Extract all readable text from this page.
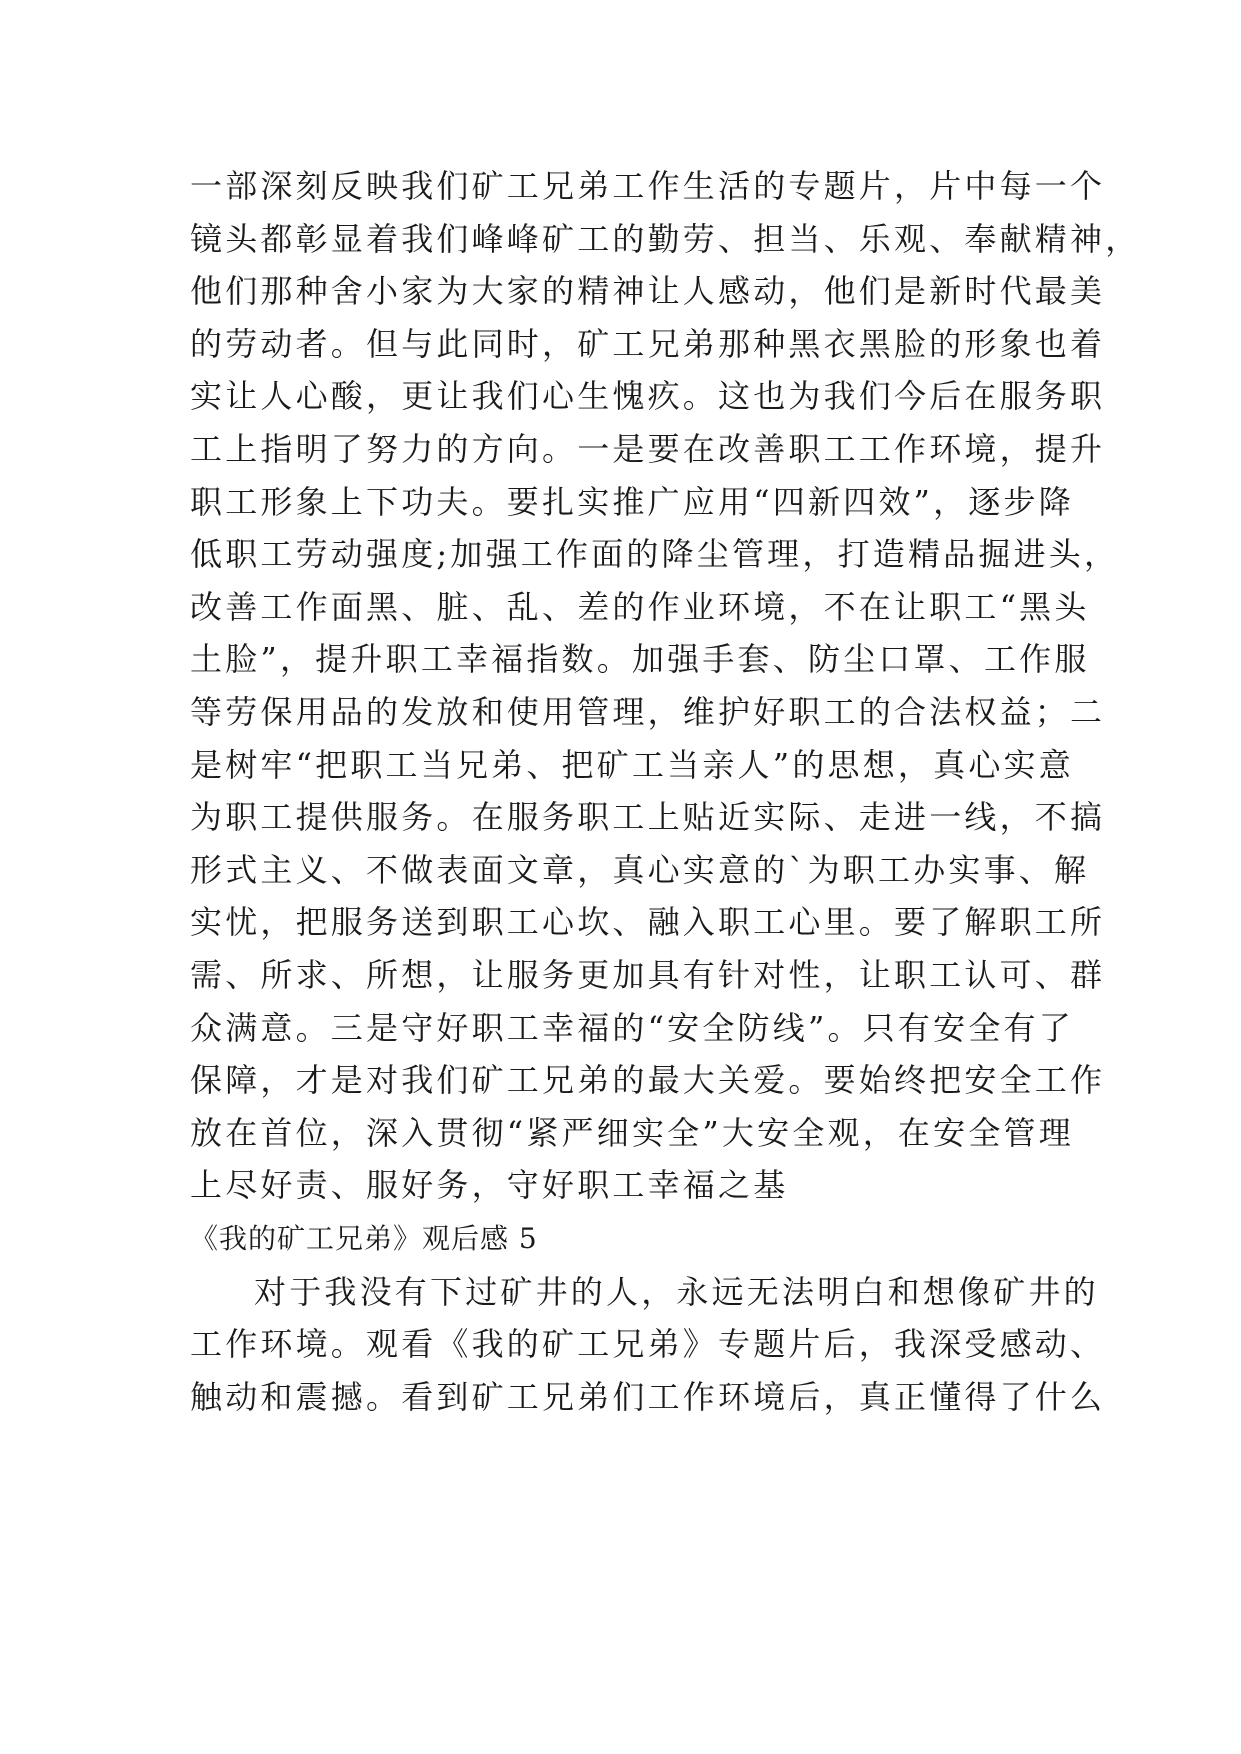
一部深刻反映我们矿工兄弟工作生活的专题片，片中每一个
镜头都彰显着我们峰峰矿工的勤劳、担当、乐观、奉献精神，
他们那种舍小家为大家的精神让人感动，他们是新时代最美
的劳动者。但与此同时，矿工兄弟那种黑衣黑脸的形象也着
实让人心酸，更让我们心生愧疚。这也为我们今后在服务职
工上指明了努力的方向。一是要在改善职工工作环境，提升
职工形象上下功夫。要扎实推广应用“四新四效”，逐步降
低职工劳动强度;加强工作面的降尘管理，打造精品掘进头，
改善工作面黑、脏、乱、差的作业环境，不在让职工“黑头
土脸”，提升职工幸福指数。加强手套、防尘口罩、工作服
等劳保用品的发放和使用管理，维护好职工的合法权益；二
是树牢“把职工当兄弟、把矿工当亲人”的思想，真心实意
为职工提供服务。在服务职工上贴近实际、走进一线，不搞
形式主义、不做表面文章，真心实意的`为职工办实事、解
实忧，把服务送到职工心坎、融入职工心里。要了解职工所
需、所求、所想，让服务更加具有针对性，让职工认可、群
众满意。三是守好职工幸福的“安全防线”。只有安全有了
保障，才是对我们矿工兄弟的最大关爱。要始终把安全工作
放在首位，深入贯彻“紧严细实全”大安全观，在安全管理
上尽好责、服好务，守好职工幸福之基
《我的矿工兄弟》观后感 5
对于我没有下过矿井的人，永远无法明白和想像矿井的
工作环境。观看《我的矿工兄弟》专题片后，我深受感动、
触动和震撼。看到矿工兄弟们工作环境后，真正懂得了什么
